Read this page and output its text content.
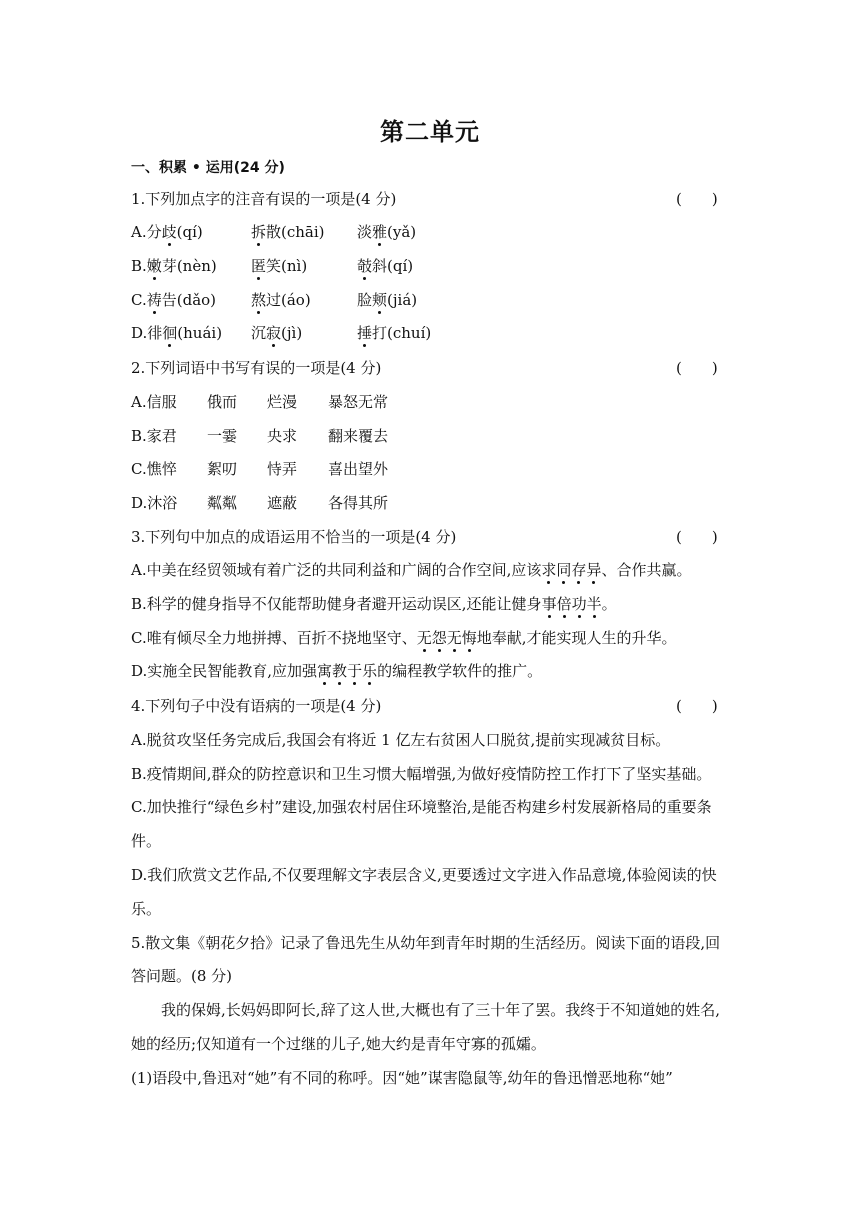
第二单元
一、积累 • 运用(24 分)
1.下列加点字的注音有误的一项是(4 分)	(　　)
A.分歧(qí)	拆散(chāi) 淡雅(yǎ)
B.嫩芽(nèn) 匿笑(nì)	攲斜(qí)
C.祷告(dǎo) 熬过(áo)	脸颊(jiá)
D.徘徊(huái) 沉寂(jì)	捶打(chuí)
2.下列词语中书写有误的一项是(4 分)	(　　)
A.信服 俄而 烂漫 暴怒无常
B.家君 一霎 央求 翻来覆去
C.憔悴 絮叨 恃弄 喜出望外
D.沐浴 粼粼 遮蔽 各得其所
3.下列句中加点的成语运用不恰当的一项是(4 分)	(　　)
A.中美在经贸领域有着广泛的共同利益和广阔的合作空间,应该求同存异、合作共赢。
B.科学的健身指导不仅能帮助健身者避开运动误区,还能让健身事倍功半。
C.唯有倾尽全力地拼搏、百折不挠地坚守、无怨无悔地奉献,才能实现人生的升华。
D.实施全民智能教育,应加强寓教于乐的编程教学软件的推广。
4.下列句子中没有语病的一项是(4 分)	(　　)
A.脱贫攻坚任务完成后,我国会有将近 1 亿左右贫困人口脱贫,提前实现减贫目标。
B.疫情期间,群众的防控意识和卫生习惯大幅增强,为做好疫情防控工作打下了坚实基础。
C.加快推行“绿色乡村”建设,加强农村居住环境整治,是能否构建乡村发展新格局的重要条
件。
D.我们欣赏文艺作品,不仅要理解文字表层含义,更要透过文字进入作品意境,体验阅读的快
乐。
5.散文集《朝花夕拾》记录了鲁迅先生从幼年到青年时期的生活经历。阅读下面的语段,回
答问题。(8 分)
我的保姆,长妈妈即阿长,辞了这人世,大概也有了三十年了罢。我终于不知道她的姓名,
她的经历;仅知道有一个过继的儿子,她大约是青年守寡的孤孀。
(1)语段中,鲁迅对“她”有不同的称呼。因“她”谋害隐鼠等,幼年的鲁迅憎恶地称“她”
